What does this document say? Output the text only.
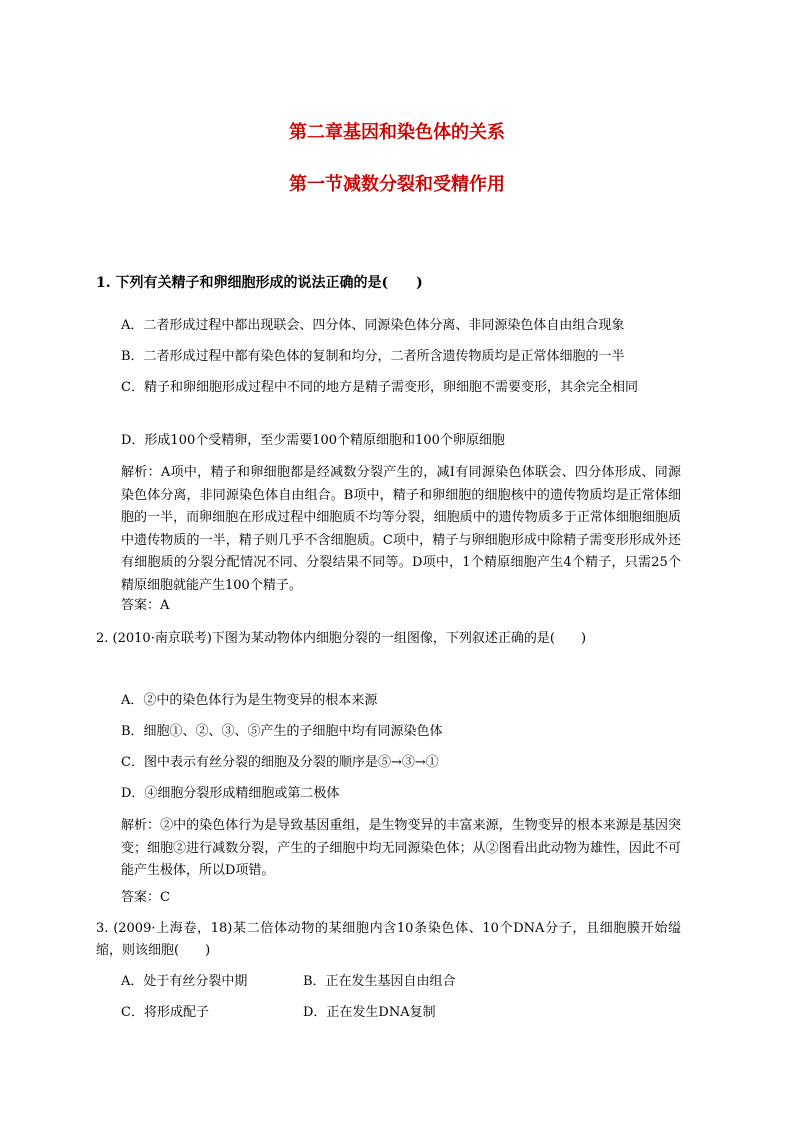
第二章基因和染色体的关系
第一节减数分裂和受精作用
1. 下列有关精子和卵细胞形成的说法正确的是(　　)
A．二者形成过程中都出现联会、四分体、同源染色体分离、非同源染色体自由组合现象
B．二者形成过程中都有染色体的复制和均分，二者所含遗传物质均是正常体细胞的一半
C．精子和卵细胞形成过程中不同的地方是精子需变形，卵细胞不需要变形，其余完全相同
D．形成100个受精卵，至少需要100个精原细胞和100个卵原细胞
解析：A项中，精子和卵细胞都是经减数分裂产生的，减Ⅰ有同源染色体联会、四分体形成、同源染色体分离，非同源染色体自由组合。B项中，精子和卵细胞的细胞核中的遗传物质均是正常体细胞的一半，而卵细胞在形成过程中细胞质不均等分裂，细胞质中的遗传物质多于正常体细胞细胞质中遗传物质的一半，精子则几乎不含细胞质。C项中，精子与卵细胞形成中除精子需变形形成外还有细胞质的分裂分配情况不同、分裂结果不同等。D项中，1个精原细胞产生4个精子，只需25个精原细胞就能产生100个精子。
答案：A
2. (2010·南京联考)下图为某动物体内细胞分裂的一组图像，下列叙述正确的是(　　)
A．②中的染色体行为是生物变异的根本来源
B．细胞①、②、③、⑤产生的子细胞中均有同源染色体
C．图中表示有丝分裂的细胞及分裂的顺序是⑤→③→①
D．④细胞分裂形成精细胞或第二极体
解析：②中的染色体行为是导致基因重组，是生物变异的丰富来源，生物变异的根本来源是基因突变；细胞②进行减数分裂，产生的子细胞中均无同源染色体；从②图看出此动物为雄性，因此不可能产生极体，所以D项错。
答案：C
3. (2009·上海卷，18)某二倍体动物的某细胞内含10条染色体、10个DNA分子，且细胞膜开始缢缩，则该细胞(　　)
A．处于有丝分裂中期	B．正在发生基因自由组合
C．将形成配子	D．正在发生DNA复制
